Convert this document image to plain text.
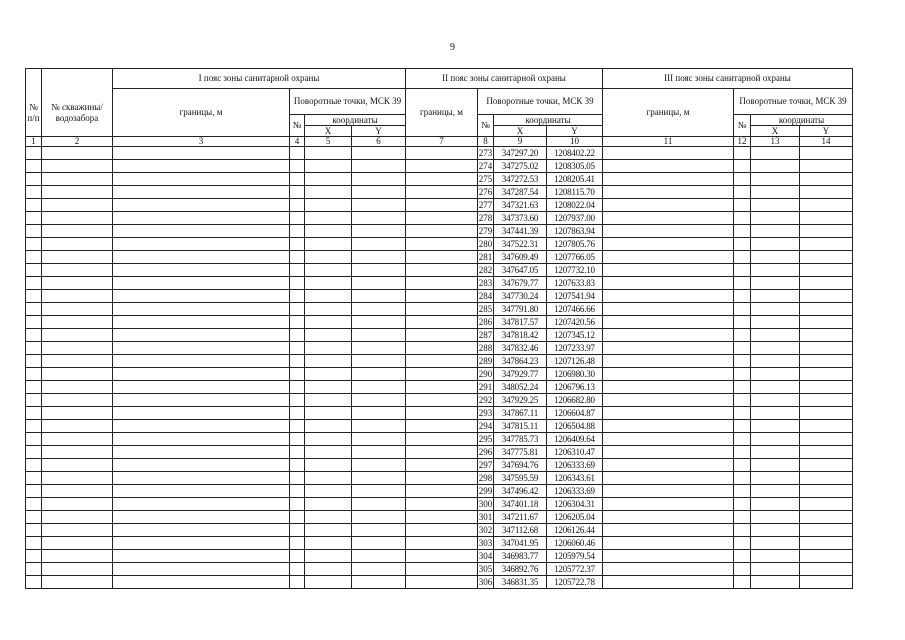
9
№ п/п	№ скважины/ водозабора	I пояс зоны санитарной охраны				II пояс зоны санитарной охраны				III пояс зоны санитарной охраны			
		границы, м	Поворотные точки, МСК 39			границы, м	Поворотные точки, МСК 39			границы, м	Поворотные точки, МСК 39		
			№	координаты			№	координаты			№	координаты	
				X	Y			X	Y			X	Y
1	2	3	4	5	6	7	8	9	10	11	12	13	14
							273	347297.20	1208402.22				
							274	347275.02	1208305.05				
							275	347272.53	1208205.41				
							276	347287.54	1208115.70				
							277	347321.63	1208022.04				
							278	347373.60	1207937.00				
							279	347441.39	1207863.94				
							280	347522.31	1207805.76				
							281	347609.49	1207766.05				
							282	347647.05	1207732.10				
							283	347679.77	1207633.83				
							284	347730.24	1207541.94				
							285	347791.80	1207466.66				
							286	347817.57	1207420.56				
							287	347818.42	1207345.12				
							288	347832.46	1207233.97				
							289	347864.23	1207126.48				
							290	347929.77	1206980.30				
							291	348052.24	1206796.13				
							292	347929.25	1206682.80				
							293	347867.11	1206604.87				
							294	347815.11	1206504.88				
							295	347785.73	1206409.64				
							296	347775.81	1206310.47				
							297	347694.76	1206333.69				
							298	347595.59	1206343.61				
							299	347496.42	1206333.69				
							300	347401.18	1206304.31				
							301	347211.67	1206205.04				
							302	347112.68	1206126.44				
							303	347041.95	1206060.46				
							304	346983.77	1205979.54				
							305	346892.76	1205772.37				
							306	346831.35	1205722.78				
